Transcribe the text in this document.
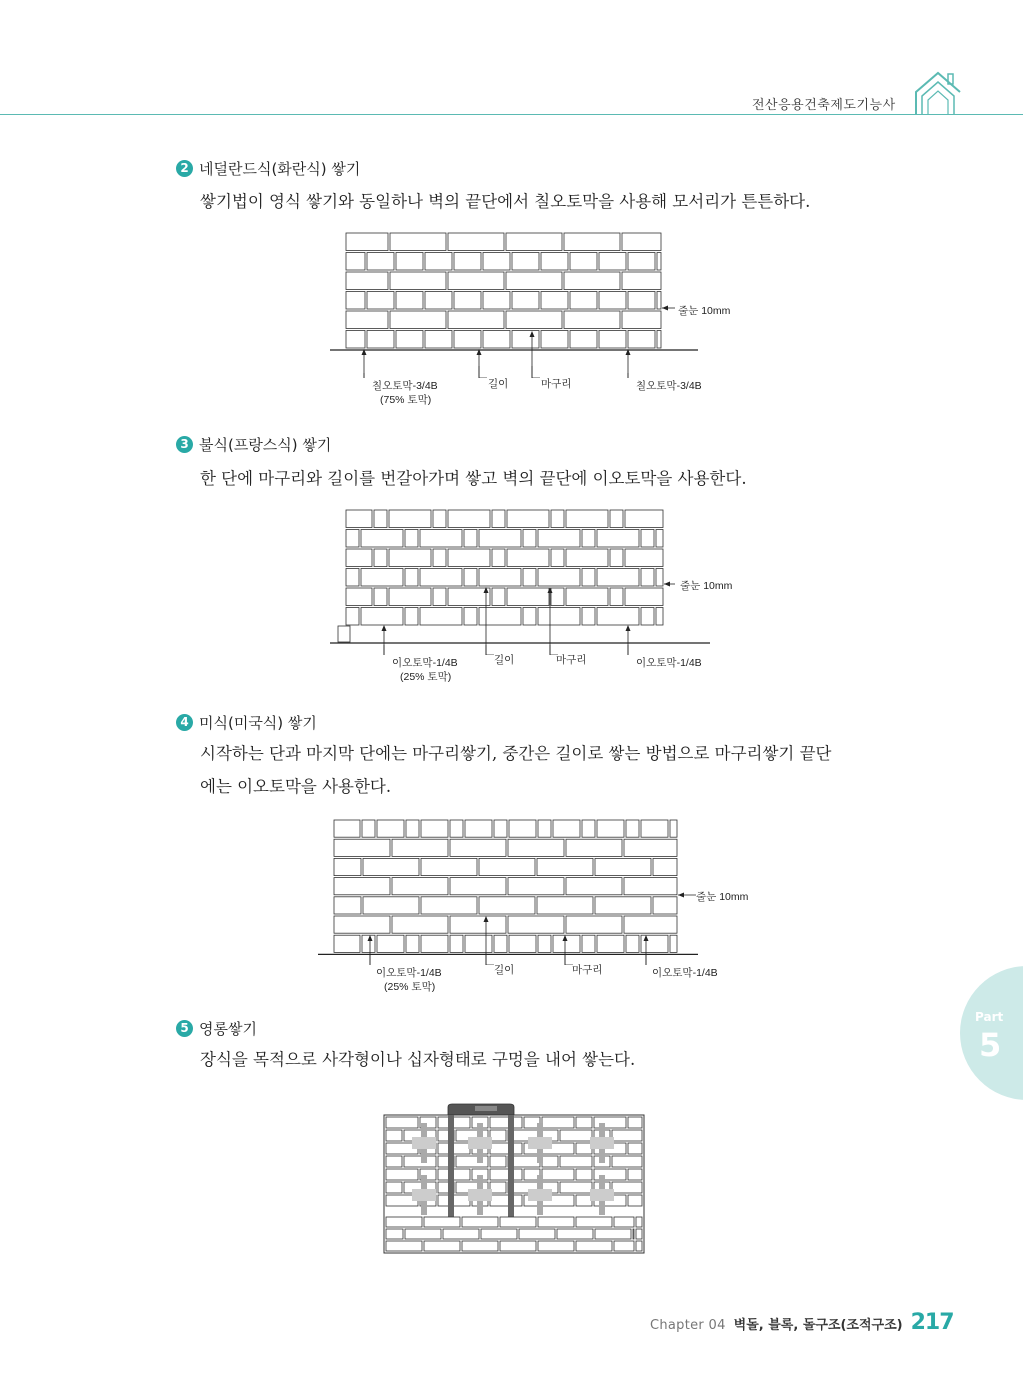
전산응용건축제도기능사
2 네덜란드식(화란식) 쌓기
쌓기법이 영식 쌓기와 동일하나 벽의 끝단에서 칠오토막을 사용해 모서리가 튼튼하다.
줄눈 10mm
칠오토막-3/4B
(75% 토막)
길이	마구리	칠오토막-3/4B
3 불식(프랑스식) 쌓기
한 단에 마구리와 길이를 번갈아가며 쌓고 벽의 끝단에 이오토막을 사용한다.
줄눈 10mm
이오토막-1/4B
(25% 토막)
길이	마구리	이오토막-1/4B
4 미식(미국식) 쌓기
시작하는 단과 마지막 단에는 마구리쌓기, 중간은 길이로 쌓는 방법으로 마구리쌓기 끝단
에는 이오토막을 사용한다.
줄눈 10mm
이오토막-1/4B
(25% 토막)
길이	마구리	이오토막-1/4B
5 영롱쌓기
장식을 목적으로 사각형이나 십자형태로 구멍을 내어 쌓는다.
Part
5
Chapter 04 벽돌, 블록, 돌구조(조적구조) 217
